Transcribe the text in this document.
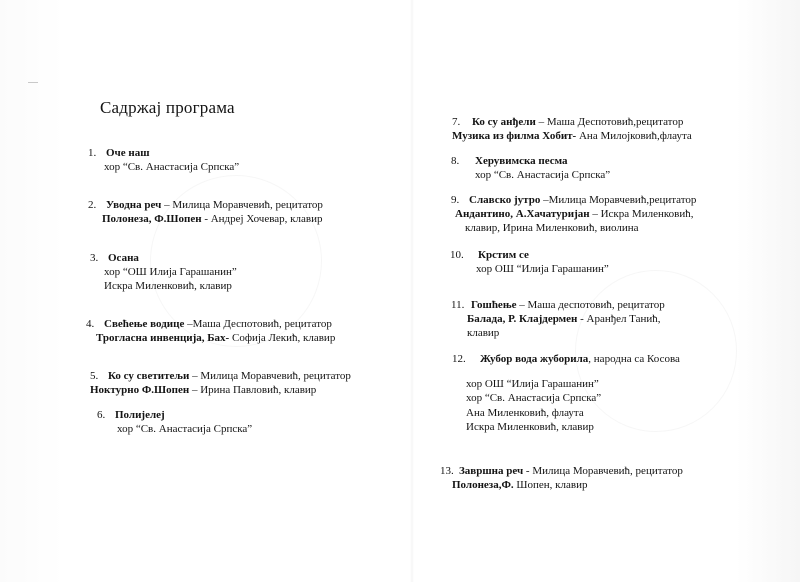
Садржај програма
1. Оче наш
хор “Св. Анастасија Српска”
2. Уводна реч – Милица Моравчевић, рецитатор
Полонеза, Ф.Шопен - Андреј Хочевар, клавир
3. Осана
хор “ОШ Илија Гарашанин”
Искра Миленковић, клавир
4. Свећење водице –Маша Деспотовић, рецитатор
Трогласна инвенција, Бах- Софија Лекић, клавир
5. Ко су светитељи – Милица Моравчевић, рецитатор
Ноктурно Ф.Шопен – Ирина Павловић, клавир
6. Полијелеј
хор “Св. Анастасија Српска”
7. Ко су анђели – Маша Деспотовић,рецитатор
Музика из филма Хобит- Ана Милојковић,флаута
8. Херувимска песма
хор “Св. Анастасија Српска”
9. Славско јутро –Милица Моравчевић,рецитатор
Андантино, А.Хачатуријан – Искра Миленковић,
клавир, Ирина Миленковић, виолина
10. Крстим се
хор ОШ “Илија Гарашанин”
11. Гошћење – Маша деспотовић, рецитатор
Балада, Р. Клајдермен - Аранђел Танић,
клавир
12. Жубор вода жуборила, народна са Косова
хор ОШ “Илија Гарашанин”
хор “Св. Анастасија Српска”
Ана Миленковић, флаута
Искра Миленковић, клавир
13. Завршна реч - Милица Моравчевић, рецитатор
Полонеза,Ф. Шопен, клавир
